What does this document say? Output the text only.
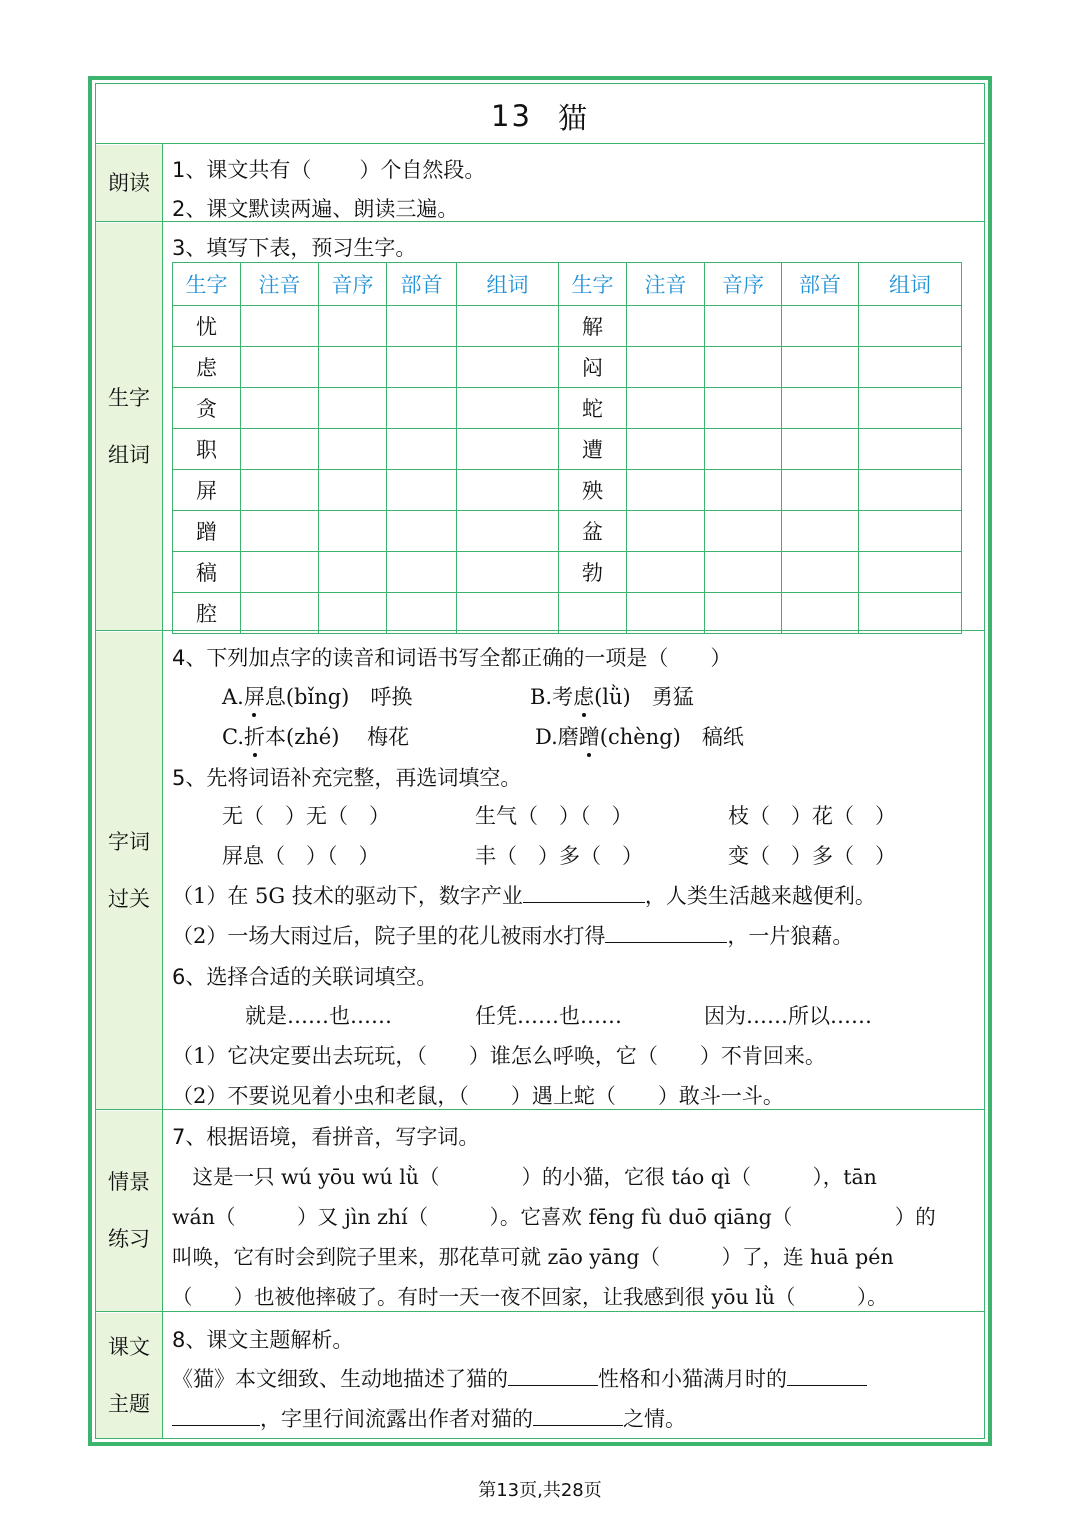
13 猫
朗读
生字
组词
字词
过关
情景
练习
课文
主题
1、课文共有（ ）个自然段。
2、课文默读两遍、朗读三遍。
3、填写下表，预习生字。
生字	注音	音序	部首	组词	生字	注音	音序	部首	组词
忧					解				
虑					闷				
贪					蛇				
职					遭				
屏					殃				
蹭					盆				
稿					勃				
腔									
4、下列加点字的读音和词语书写全都正确的一项是（　　）
A.屏息(bǐng)　呼换	B.考虑(lǜ)　勇猛
C.折本(zhé)　 梅花	D.磨蹭(chèng)　稿纸
5、先将词语补充完整，再选词填空。
无（　）无（　）	生气（　）（　）	枝（　）花（　）
屏息（　）（　）	丰（　）多（　）	变（　）多（　）
（1）在 5G 技术的驱动下，数字产业	，人类生活越来越便利。
（2）一场大雨过后，院子里的花儿被雨水打得	，一片狼藉。
6、选择合适的关联词填空。
就是……也……	任凭……也……	因为……所以……
（1）它决定要出去玩玩，（　　）谁怎么呼唤，它（　　）不肯回来。
（2）不要说见着小虫和老鼠，（　　）遇上蛇（　　）敢斗一斗。
7、根据语境，看拼音，写字词。
　这是一只 wú yōu wú lǜ（　　　　）的小猫，它很 táo qì（　　　），tān
wán（　　　）又 jìn zhí（　　　）。它喜欢 fēng fù duō qiāng（　　　　　）的
叫唤，它有时会到院子里来，那花草可就 zāo yāng（　　　）了，连 huā pén
（　　）也被他摔破了。有时一天一夜不回家，让我感到很 yōu lǜ（　　　）。
8、课文主题解析。
《猫》本文细致、生动地描述了猫的	性格和小猫满月时的
，字里行间流露出作者对猫的	之情。
第13页,共28页
